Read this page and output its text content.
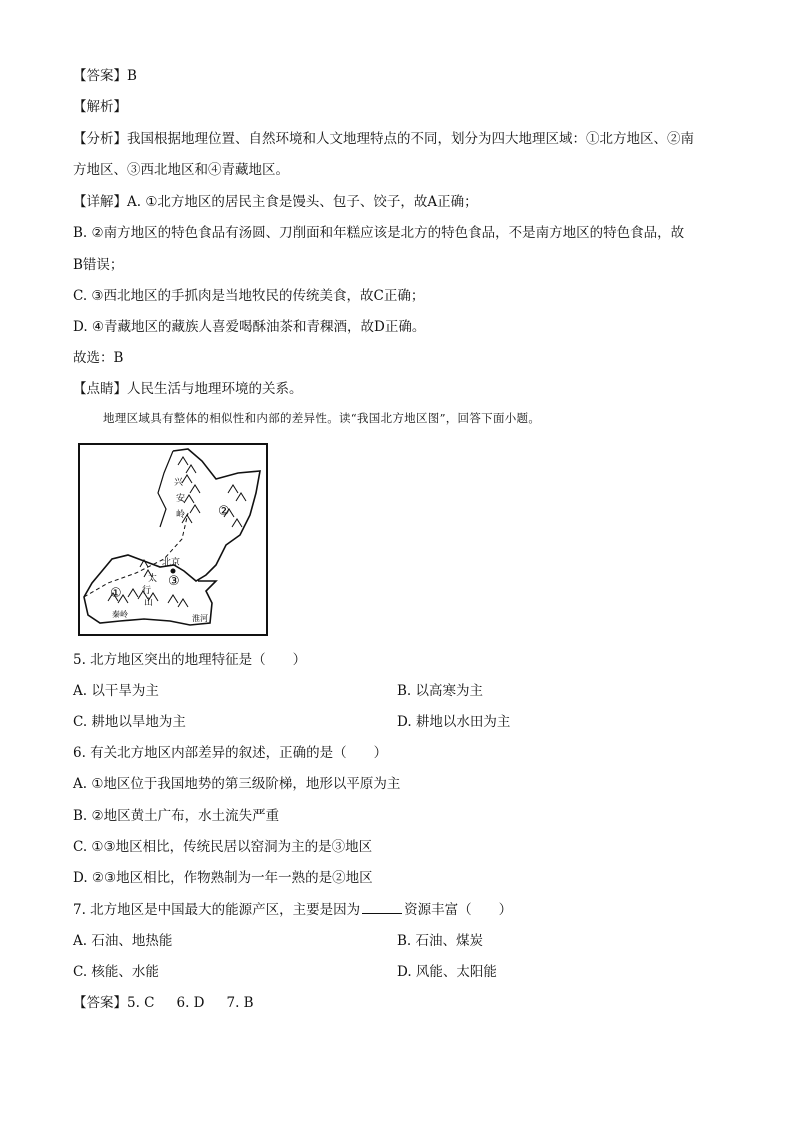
【答案】B
【解析】
【分析】我国根据地理位置、自然环境和人文地理特点的不同，划分为四大地理区域：①北方地区、②南
方地区、③西北地区和④青藏地区。
【详解】A. ①北方地区的居民主食是馒头、包子、饺子，故A正确；
B. ②南方地区的特色食品有汤圆、刀削面和年糕应该是北方的特色食品，不是南方地区的特色食品，故
B错误；
C. ③西北地区的手抓肉是当地牧民的传统美食，故C正确；
D. ④青藏地区的藏族人喜爱喝酥油茶和青稞酒，故D正确。
故选：B
【点睛】人民生活与地理环境的关系。
地理区域具有整体的相似性和内部的差异性。读“我国北方地区图”，回答下面小题。
兴
安
岭	②
北京
太
行
山
③
①
秦岭	淮河
5. 北方地区突出的地理特征是（　　）
A. 以干旱为主	B. 以高寒为主
C. 耕地以旱地为主	D. 耕地以水田为主
6. 有关北方地区内部差异的叙述，正确的是（　　）
A. ①地区位于我国地势的第三级阶梯，地形以平原为主
B. ②地区黄土广布，水土流失严重
C. ①③地区相比，传统民居以窑洞为主的是③地区
D. ②③地区相比，作物熟制为一年一熟的是②地区
7. 北方地区是中国最大的能源产区，主要是因为	资源丰富（　　）
A. 石油、地热能	B. 石油、煤炭
C. 核能、水能	D. 风能、太阳能
【答案】5. C 6. D 7. B
